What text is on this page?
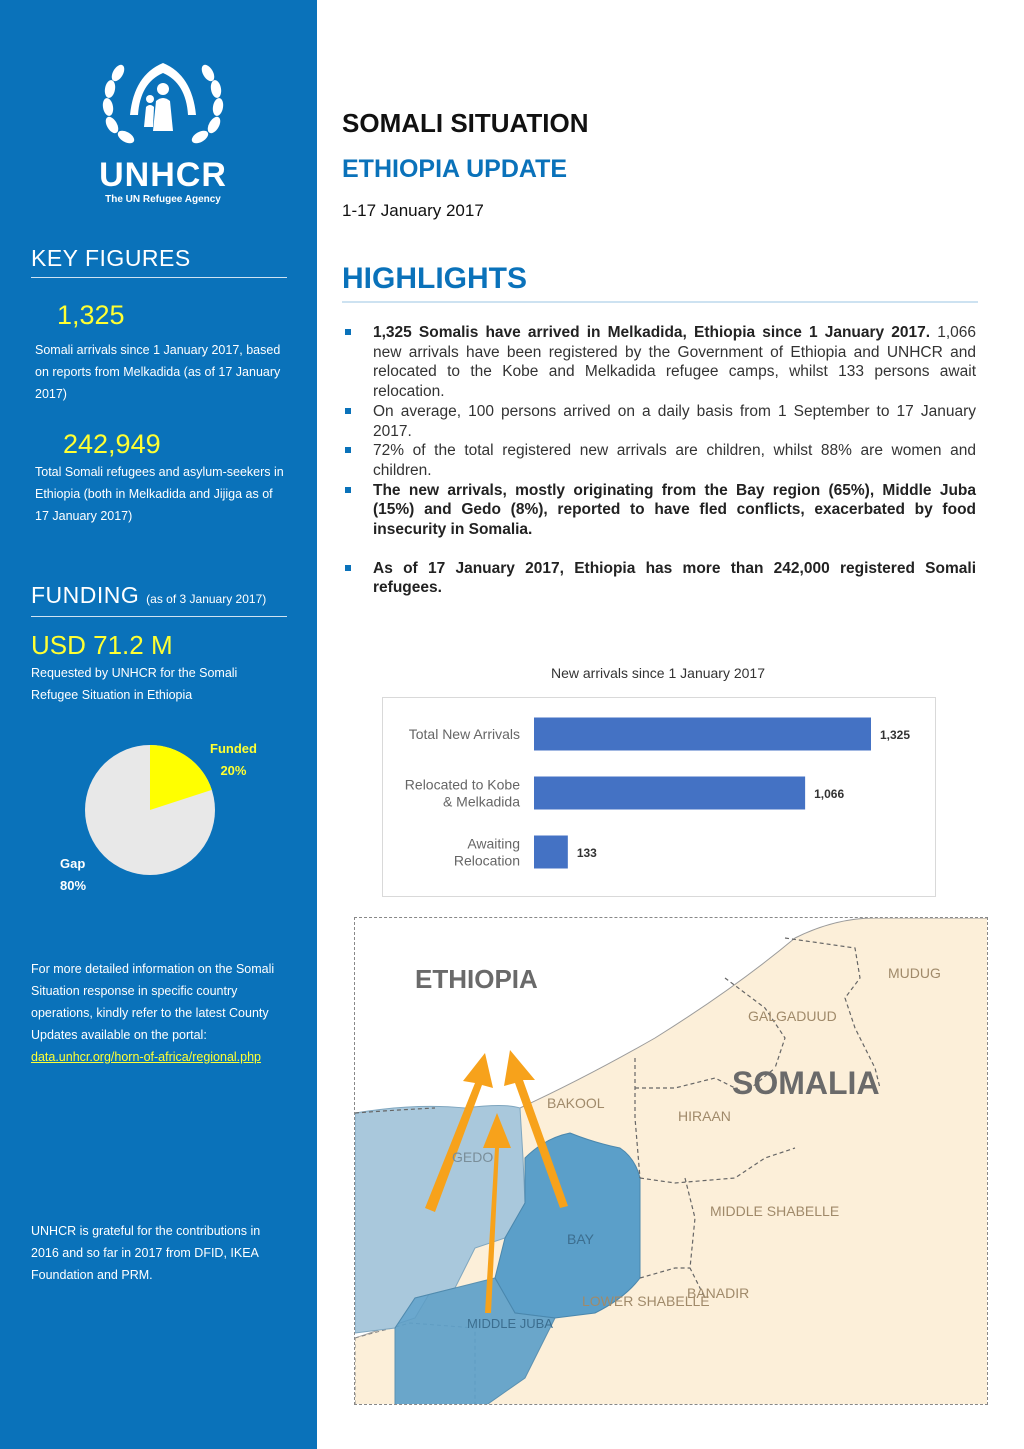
UNHCR
The UN Refugee Agency
KEY FIGURES
1,325
Somali arrivals since 1 January 2017, based on reports from Melkadida (as of 17 January 2017)
242,949
Total Somali refugees and asylum-seekers in Ethiopia (both in Melkadida and Jijiga as of 17 January 2017)
FUNDING (as of 3 January 2017)
USD 71.2 M
Requested by UNHCR for the Somali Refugee Situation in Ethiopia
Funded
20%
Gap
80%
For more detailed information on the Somali Situation response in specific country operations, kindly refer to the latest County Updates available on the portal: data.unhcr.org/horn-of-africa/regional.php
UNHCR is grateful for the contributions in 2016 and so far in 2017 from DFID, IKEA Foundation and PRM.
SOMALI SITUATION
ETHIOPIA UPDATE
1-17 January 2017
HIGHLIGHTS
1,325 Somalis have arrived in Melkadida, Ethiopia since 1 January 2017. 1,066 new arrivals have been registered by the Government of Ethiopia and UNHCR and relocated to the Kobe and Melkadida refugee camps, whilst 133 persons await relocation.
On average, 100 persons arrived on a daily basis from 1 September to 17 January 2017.
72% of the total registered new arrivals are children, whilst 88% are women and children.
The new arrivals, mostly originating from the Bay region (65%), Middle Juba (15%) and Gedo (8%), reported to have fled conflicts, exacerbated by food insecurity in Somalia.
As of 17 January 2017, Ethiopia has more than 242,000 registered Somali refugees.
New arrivals since 1 January 2017
1,325
Total New Arrivals
1,066
Relocated to Kobe & Melkadida
133
Awaiting Relocation
ETHIOPIA
SOMALIA
MUDUG
GALGADUUD
BAKOOL
HIRAAN
GEDO
BAY
MIDDLE SHABELLE
BANADIR
LOWER SHABELLE
MIDDLE JUBA
